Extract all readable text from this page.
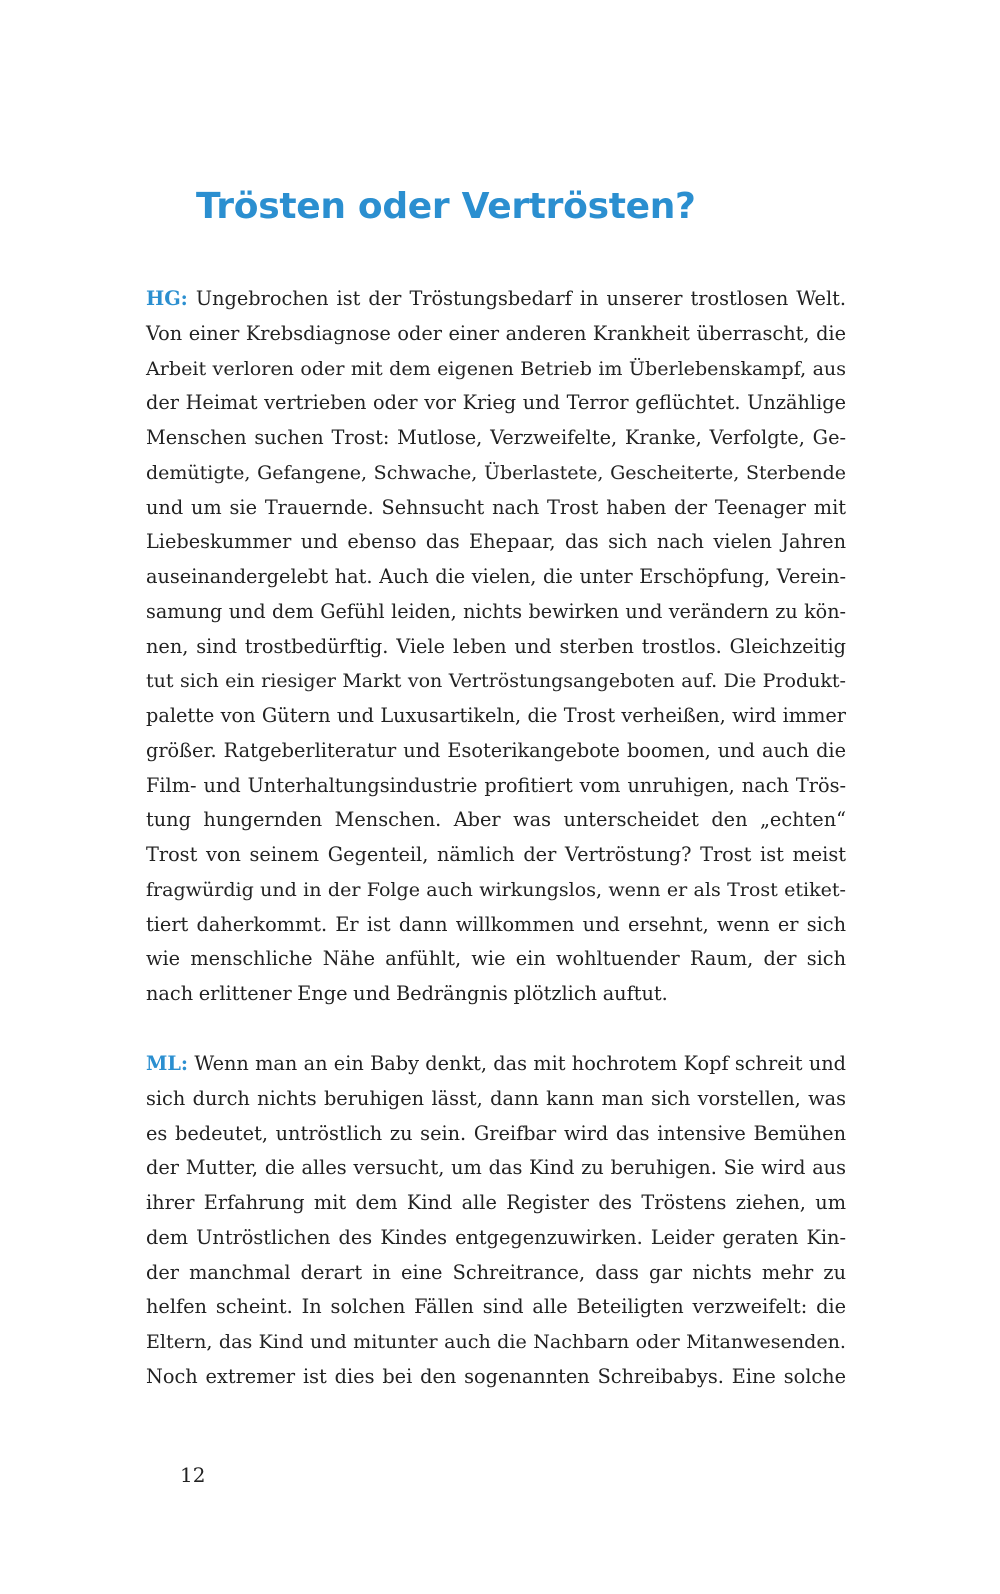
Trösten oder Vertrösten?
HG: Ungebrochen ist der Tröstungsbedarf in unserer trostlosen Welt.
Von einer Krebsdiagnose oder einer anderen Krankheit überrascht, die
Arbeit verloren oder mit dem eigenen Betrieb im Überlebenskampf, aus
der Heimat vertrieben oder vor Krieg und Terror geflüchtet. Unzählige
Menschen suchen Trost: Mutlose, Verzweifelte, Kranke, Verfolgte, Ge-
demütigte, Gefangene, Schwache, Überlastete, Gescheiterte, Sterbende
und um sie Trauernde. Sehnsucht nach Trost haben der Teenager mit
Liebeskummer und ebenso das Ehepaar, das sich nach vielen Jahren
auseinandergelebt hat. Auch die vielen, die unter Erschöpfung, Verein-
samung und dem Gefühl leiden, nichts bewirken und verändern zu kön-
nen, sind trostbedürftig. Viele leben und sterben trostlos. Gleichzeitig
tut sich ein riesiger Markt von Vertröstungsangeboten auf. Die Produkt-
palette von Gütern und Luxusartikeln, die Trost verheißen, wird immer
größer. Ratgeberliteratur und Esoterikangebote boomen, und auch die
Film- und Unterhaltungsindustrie profitiert vom unruhigen, nach Trös-
tung hungernden Menschen. Aber was unterscheidet den „echten“
Trost von seinem Gegenteil, nämlich der Vertröstung? Trost ist meist
fragwürdig und in der Folge auch wirkungslos, wenn er als Trost etiket-
tiert daherkommt. Er ist dann willkommen und ersehnt, wenn er sich
wie menschliche Nähe anfühlt, wie ein wohltuender Raum, der sich
nach erlittener Enge und Bedrängnis plötzlich auftut.
ML: Wenn man an ein Baby denkt, das mit hochrotem Kopf schreit und
sich durch nichts beruhigen lässt, dann kann man sich vorstellen, was
es bedeutet, untröstlich zu sein. Greifbar wird das intensive Bemühen
der Mutter, die alles versucht, um das Kind zu beruhigen. Sie wird aus
ihrer Erfahrung mit dem Kind alle Register des Tröstens ziehen, um
dem Untröstlichen des Kindes entgegenzuwirken. Leider geraten Kin-
der manchmal derart in eine Schreitrance, dass gar nichts mehr zu
helfen scheint. In solchen Fällen sind alle Beteiligten verzweifelt: die
Eltern, das Kind und mitunter auch die Nachbarn oder Mitanwesenden.
Noch extremer ist dies bei den sogenannten Schreibabys. Eine solche
12
